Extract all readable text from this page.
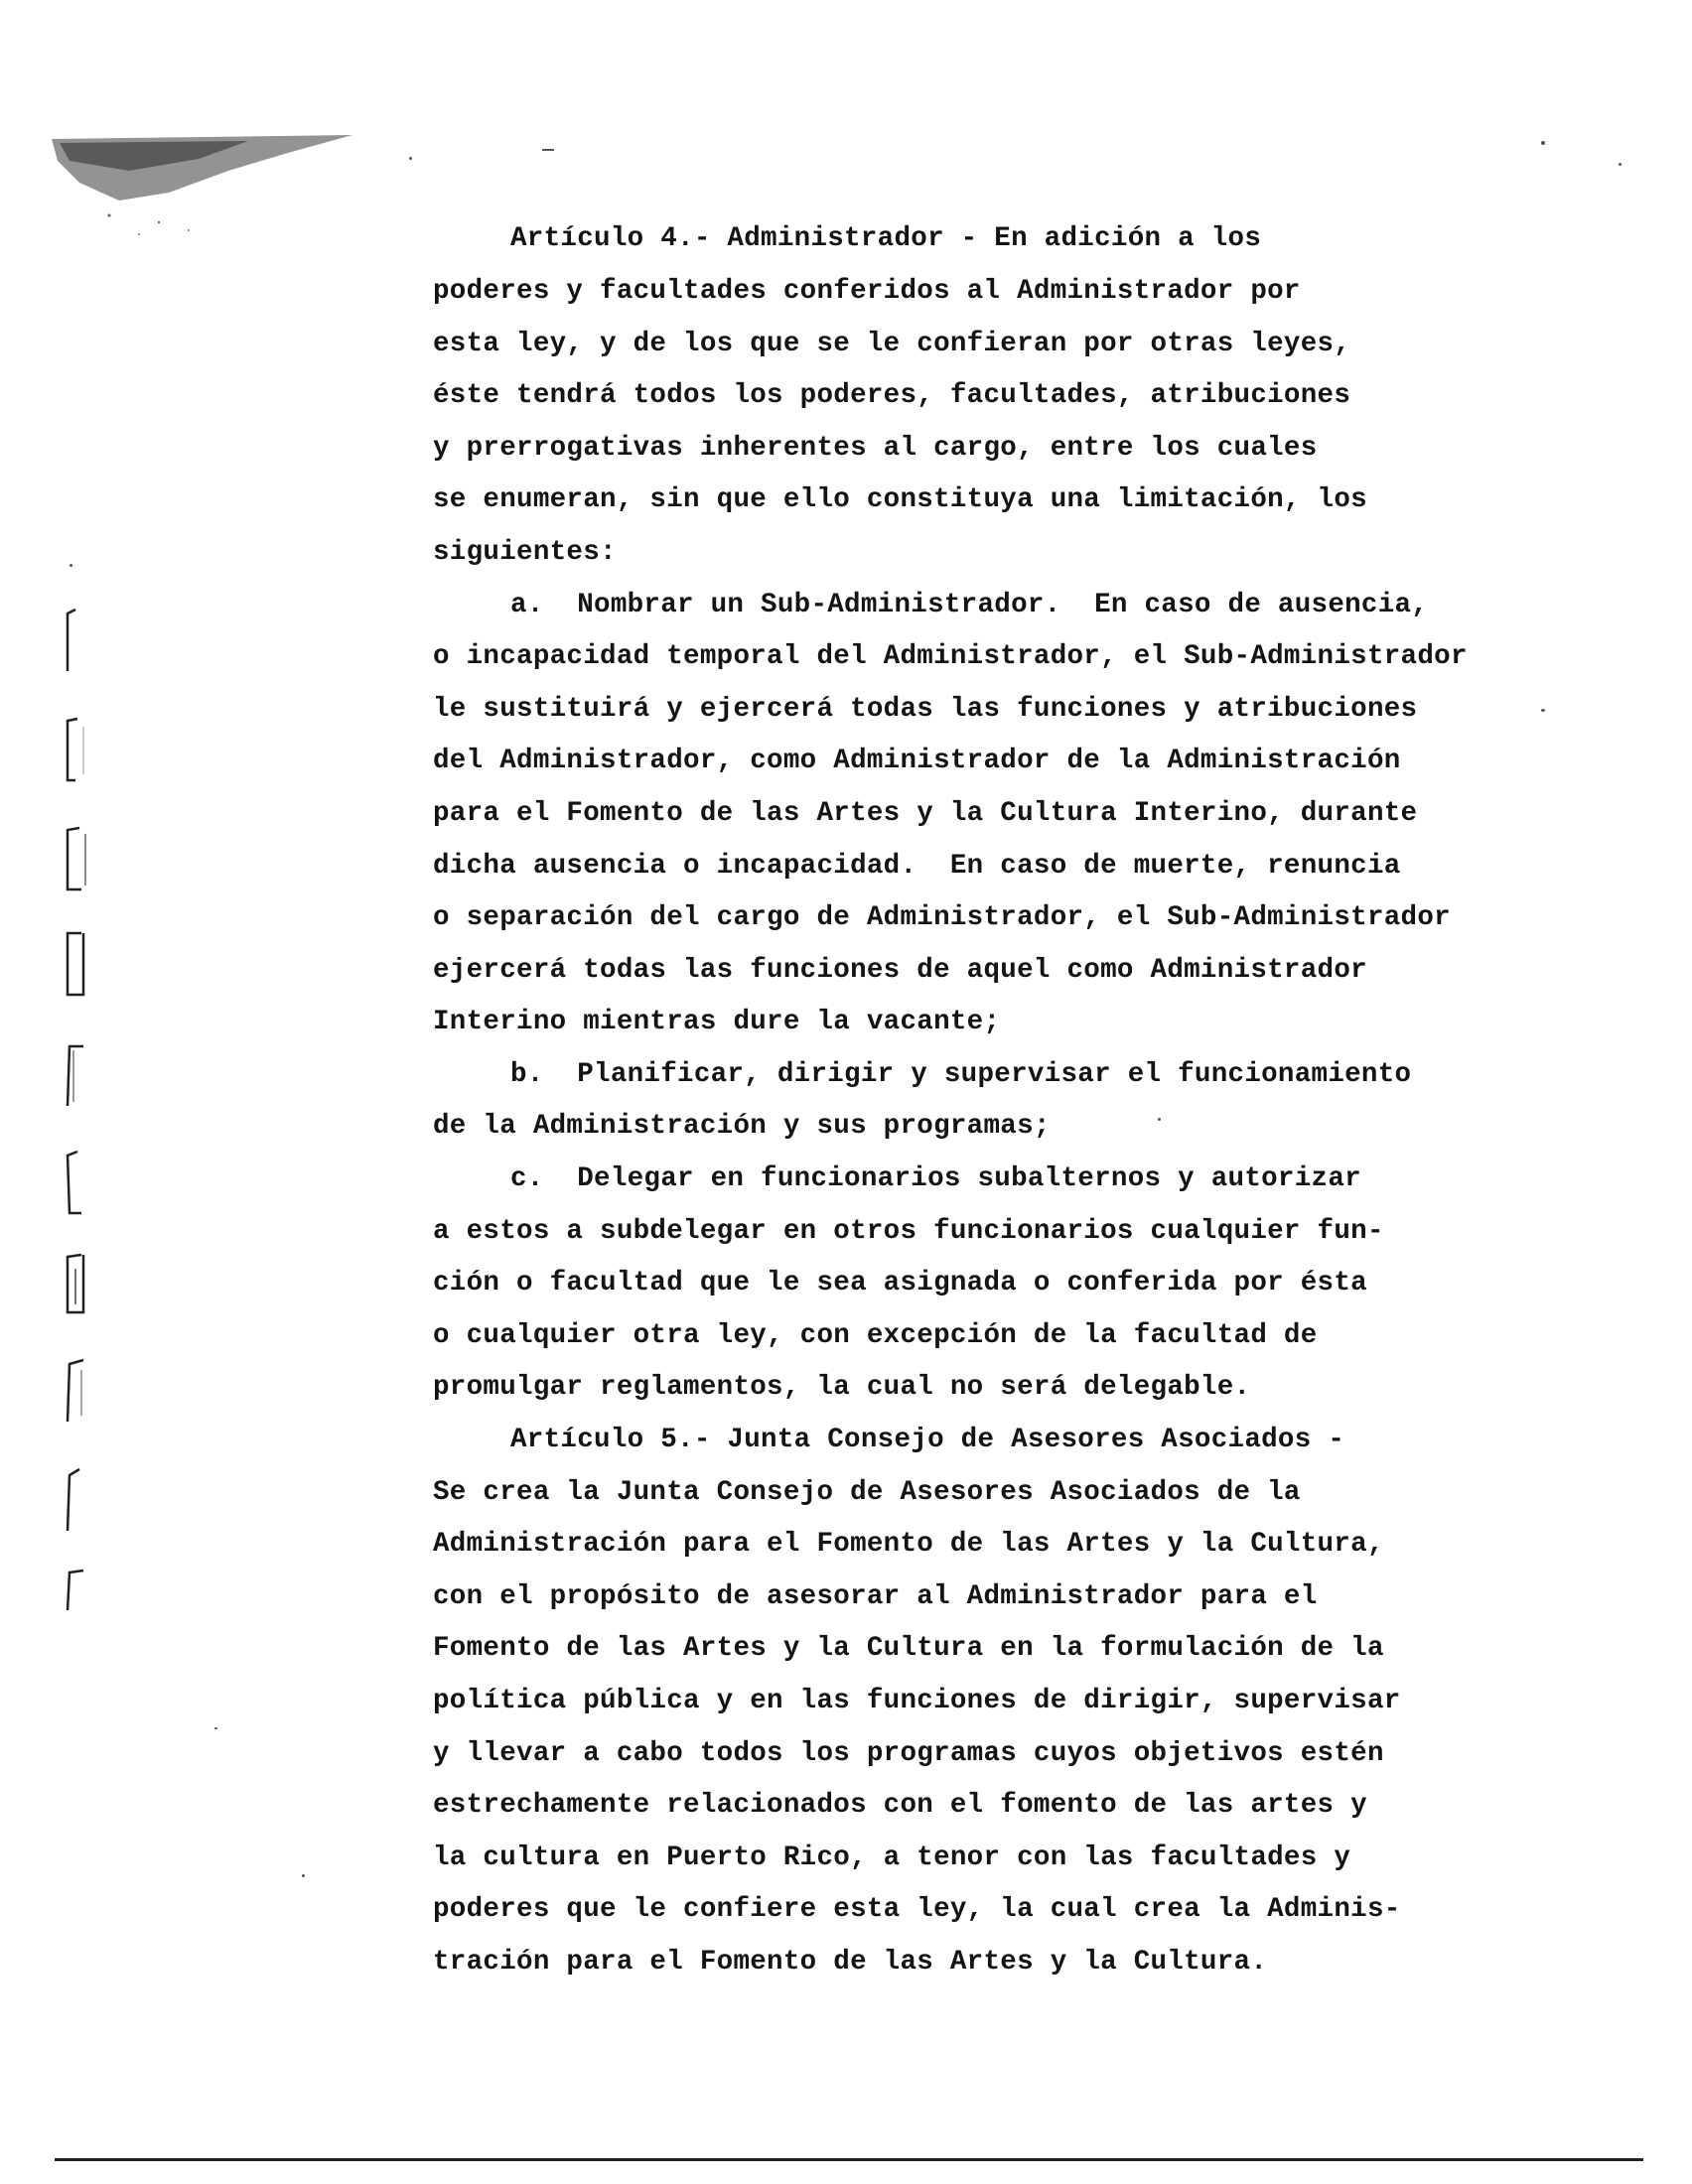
Artículo 4.- Administrador - En adición a los
poderes y facultades conferidos al Administrador por
esta ley, y de los que se le confieran por otras leyes,
éste tendrá todos los poderes, facultades, atribuciones
y prerrogativas inherentes al cargo, entre los cuales
se enumeran, sin que ello constituya una limitación, los
siguientes:
a.  Nombrar un Sub-Administrador.  En caso de ausencia,
o incapacidad temporal del Administrador, el Sub-Administrador
le sustituirá y ejercerá todas las funciones y atribuciones
del Administrador, como Administrador de la Administración
para el Fomento de las Artes y la Cultura Interino, durante
dicha ausencia o incapacidad.  En caso de muerte, renuncia
o separación del cargo de Administrador, el Sub-Administrador
ejercerá todas las funciones de aquel como Administrador
Interino mientras dure la vacante;
b.  Planificar, dirigir y supervisar el funcionamiento
de la Administración y sus programas;
c.  Delegar en funcionarios subalternos y autorizar
a estos a subdelegar en otros funcionarios cualquier fun-
ción o facultad que le sea asignada o conferida por ésta
o cualquier otra ley, con excepción de la facultad de
promulgar reglamentos, la cual no será delegable.
Artículo 5.- Junta Consejo de Asesores Asociados -
Se crea la Junta Consejo de Asesores Asociados de la
Administración para el Fomento de las Artes y la Cultura,
con el propósito de asesorar al Administrador para el
Fomento de las Artes y la Cultura en la formulación de la
política pública y en las funciones de dirigir, supervisar
y llevar a cabo todos los programas cuyos objetivos estén
estrechamente relacionados con el fomento de las artes y
la cultura en Puerto Rico, a tenor con las facultades y
poderes que le confiere esta ley, la cual crea la Adminis-
tración para el Fomento de las Artes y la Cultura.
